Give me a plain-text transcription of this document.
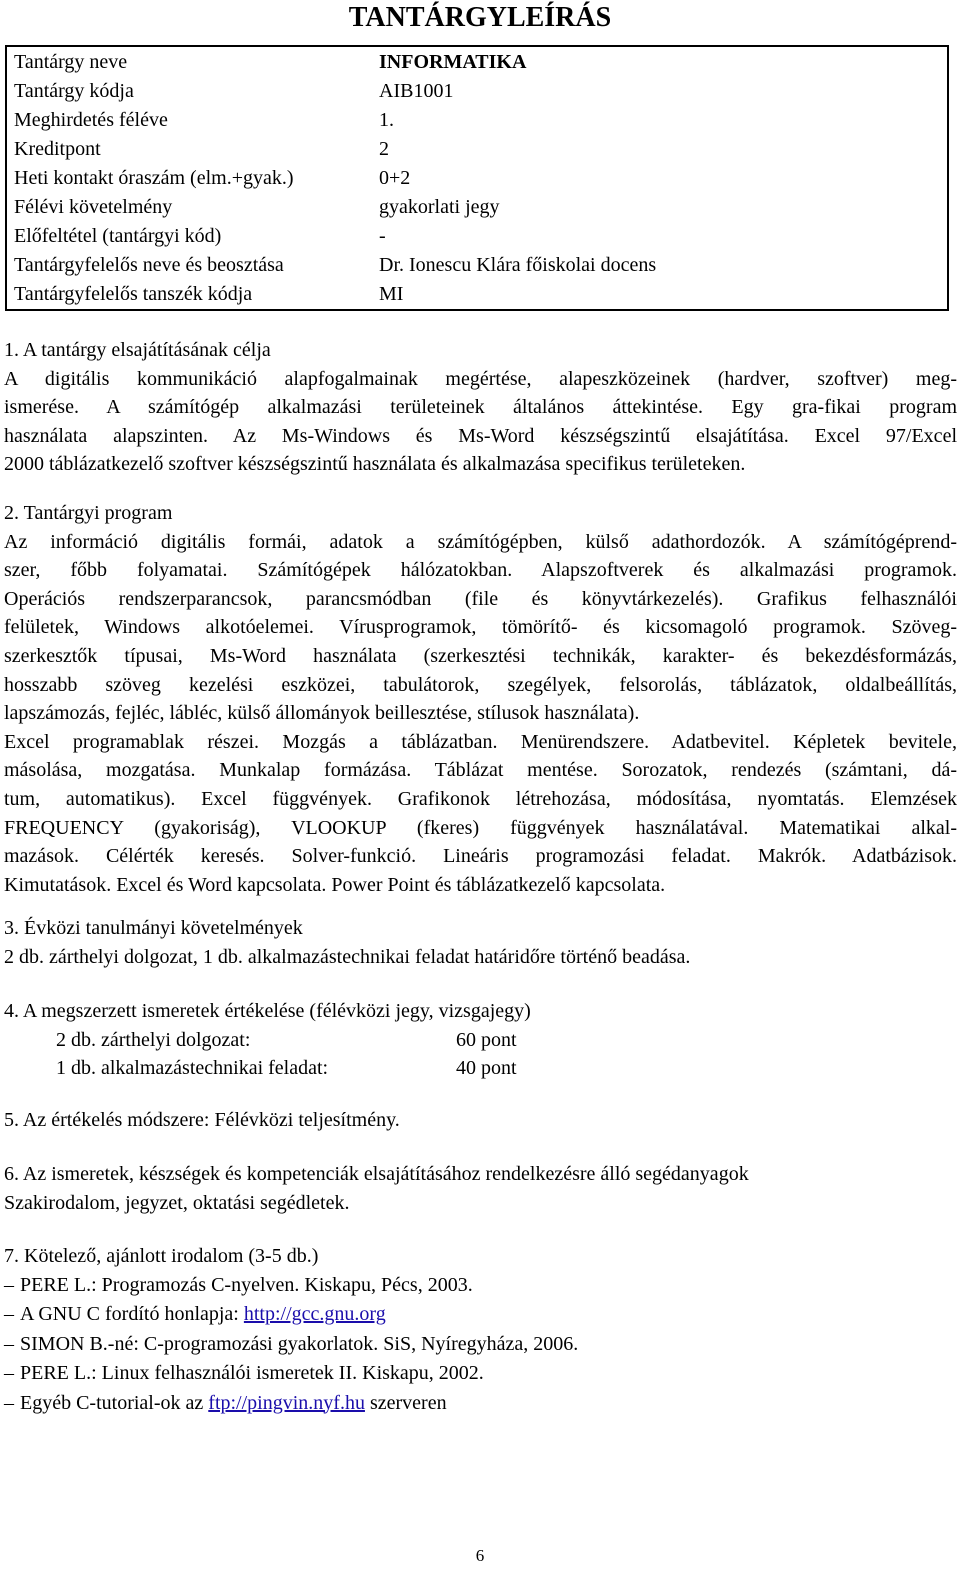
TANTÁRGYLEÍRÁS
Tantárgy neve	INFORMATIKA
Tantárgy kódja	AIB1001
Meghirdetés féléve	1.
Kreditpont	2
Heti kontakt óraszám (elm.+gyak.)	0+2
Félévi követelmény	gyakorlati jegy
Előfeltétel (tantárgyi kód)	-
Tantárgyfelelős neve és beosztása	Dr. Ionescu Klára főiskolai docens
Tantárgyfelelős tanszék kódja	MI

1. A tantárgy elsajátításának célja

A digitális kommunikáció alapfogalmainak megértése, alapeszközeinek (hardver, szoftver) meg-
ismerése. A számítógép alkalmazási területeinek általános áttekintése. Egy gra-fikai program
használata alapszinten. Az Ms-Windows és Ms-Word készségszintű elsajátítása. Excel 97/Excel
2000 táblázatkezelő szoftver készségszintű használata és alkalmazása specifikus területeken.

2. Tantárgyi program

Az információ digitális formái, adatok a számítógépben, külső adathordozók. A számítógéprend-
szer, főbb folyamatai. Számítógépek hálózatokban. Alapszoftverek és alkalmazási programok.
Operációs rendszerparancsok, parancsmódban (file és könyvtárkezelés). Grafikus felhasználói
felületek, Windows alkotóelemei. Vírusprogramok, tömörítő- és kicsomagoló programok. Szöveg-
szerkesztők típusai, Ms-Word használata (szerkesztési technikák, karakter- és bekezdésformázás,
hosszabb szöveg kezelési eszközei, tabulátorok, szegélyek, felsorolás, táblázatok, oldalbeállítás,
lapszámozás, fejléc, lábléc, külső állományok beillesztése, stílusok használata).
Excel programablak részei. Mozgás a táblázatban. Menürendszere. Adatbevitel. Képletek bevitele,
másolása, mozgatása. Munkalap formázása. Táblázat mentése. Sorozatok, rendezés (számtani, dá-
tum, automatikus). Excel függvények. Grafikonok létrehozása, módosítása, nyomtatás. Elemzések
FREQUENCY (gyakoriság), VLOOKUP (fkeres) függvények használatával. Matematikai alkal-
mazások. Célérték keresés. Solver-funkció. Lineáris programozási feladat. Makrók. Adatbázisok.
Kimutatások. Excel és Word kapcsolata. Power Point és táblázatkezelő kapcsolata.

3. Évközi tanulmányi követelmények

2 db. zárthelyi dolgozat, 1 db. alkalmazástechnikai feladat határidőre történő beadása.

4. A megszerzett ismeretek értékelése (félévközi jegy, vizsgajegy)

2 db. zárthelyi dolgozat:	60 pont
1 db. alkalmazástechnikai feladat:	40 pont

5. Az értékelés módszere: Félévközi teljesítmény.

6. Az ismeretek, készségek és kompetenciák elsajátításához rendelkezésre álló segédanyagok

Szakirodalom, jegyzet, oktatási segédletek.

7. Kötelező, ajánlott irodalom (3-5 db.)

– PERE L.: Programozás C-nyelven. Kiskapu, Pécs, 2003.
– A GNU C fordító honlapja: http://gcc.gnu.org
– SIMON B.-né: C-programozási gyakorlatok. SiS, Nyíregyháza, 2006.
– PERE L.: Linux felhasználói ismeretek II. Kiskapu, 2002.
– Egyéb C-tutorial-ok az ftp://pingvin.nyf.hu szerveren
6
